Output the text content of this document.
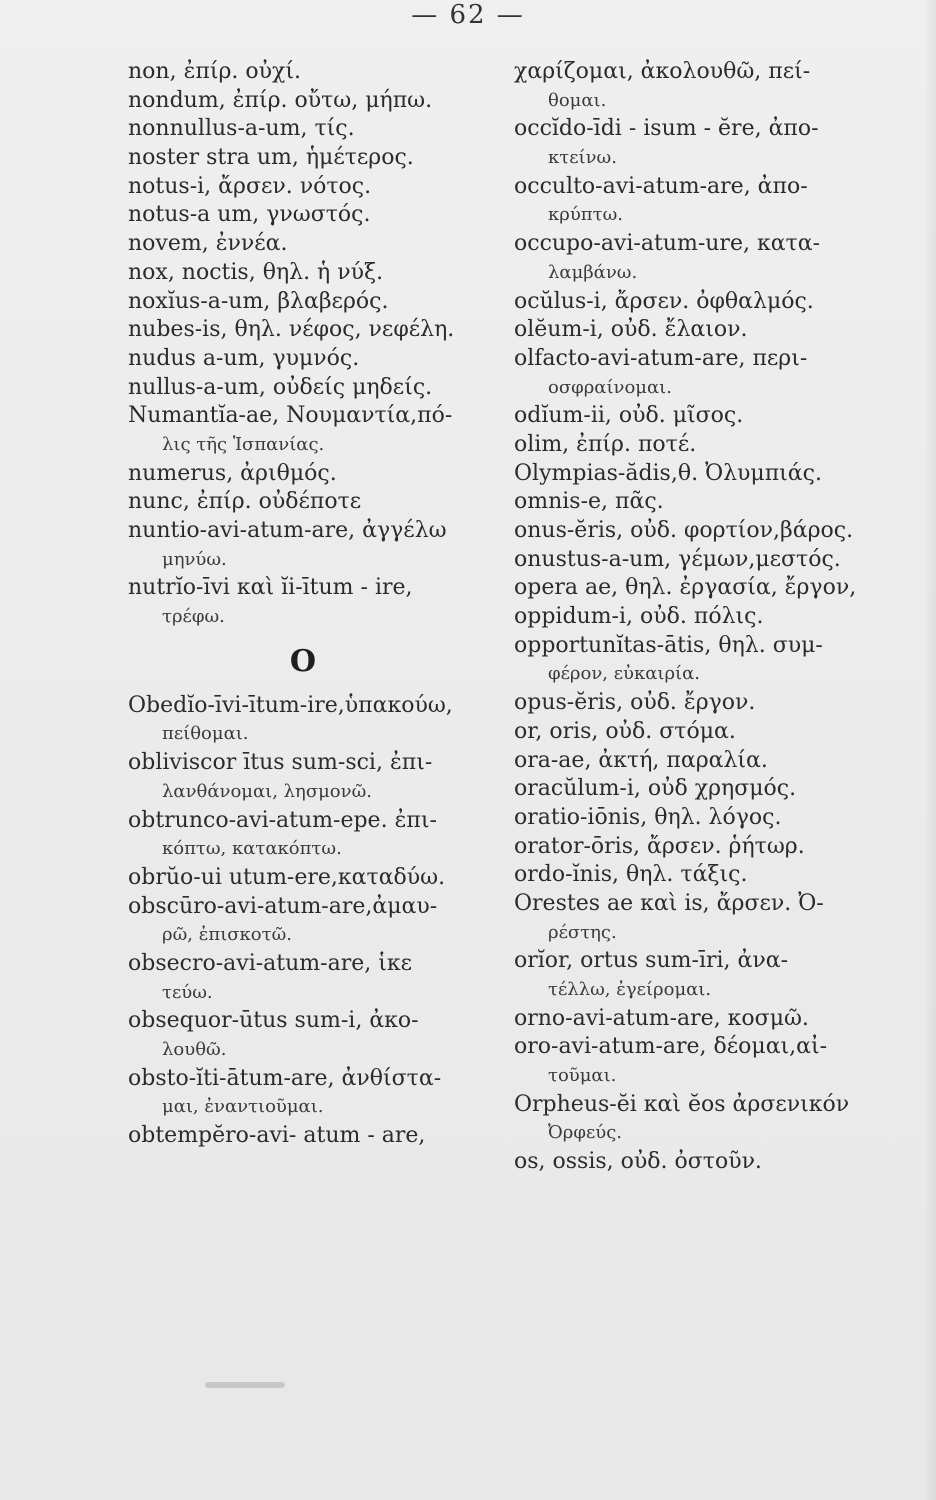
— 62 —
non, ἐπίρ. οὐχί.
nondum, ἐπίρ. οὔτω, μήπω.
nonnullus-a-um, τίς.
noster stra um, ἡμέτερος.
notus-i, ἄρσεν. νότος.
notus-a um, γνωστός.
novem, ἐννέα.
nox, noctis, θηλ. ἡ νύξ.
noxĭus-a-um, βλαβερός.
nubes-is, θηλ. νέφος, νεφέλη.
nudus a-um, γυμνός.
nullus-a-um, οὐδείς μηδείς.
Numantĭa-ae, Νουμαντία,πό-
λις τῆς Ἱσπανίας.
numerus, ἀριθμός.
nunc, ἐπίρ. οὐδέποτε
nuntio-avi-atum-are, ἀγγέλω
μηνύω.
nutrĭo-īvi καὶ ĭi-ītum - ire,
τρέφω.
O
Obedĭo-īvi-ītum-ire,ὑπακούω,
πείθομαι.
obliviscor ītus sum-sci, ἐπι-
λανθάνομαι, λησμονῶ.
obtrunco-avi-atum-epe. ἐπι-
κόπτω, κατακόπτω.
obrŭo-ui utum-ere,καταδύω.
obscūro-avi-atum-are,ἀμαυ-
ρῶ, ἐπισκοτῶ.
obsecro-avi-atum-are, ἱκε
τεύω.
obsequor-ūtus sum-i, ἀκο-
λουθῶ.
obsto-ĭti-ātum-are, ἀνθίστα-
μαι, ἐναντιοῦμαι.
obtempĕro-avi- atum - are,
χαρίζομαι, ἀκολουθῶ, πεί-
θομαι.
occĭdo-īdi - isum - ĕre, ἀπο-
κτείνω.
occulto-avi-atum-are, ἀπο-
κρύπτω.
occupo-avi-atum-ure, κατα-
λαμβάνω.
ocŭlus-i, ἄρσεν. ὀφθαλμός.
olĕum-i, οὐδ. ἔλαιον.
olfacto-avi-atum-are, περι-
οσφραίνομαι.
odĭum-ii, οὐδ. μῖσος.
olim, ἐπίρ. ποτέ.
Olympias-ădis,θ. Ὀλυμπιάς.
omnis-e, πᾶς.
onus-ĕris, οὐδ. φορτίον,βάρος.
onustus-a-um, γέμων,μεστός.
opera ae, θηλ. ἐργασία, ἔργον,
oppidum-i, οὐδ. πόλις.
opportunĭtas-ātis, θηλ. συμ-
φέρον, εὐκαιρία.
opus-ĕris, οὐδ. ἔργον.
or, oris, οὐδ. στόμα.
ora-ae, ἀκτή, παραλία.
oracŭlum-i, οὐδ χρησμός.
oratio-iōnis, θηλ. λόγος.
orator-ōris, ἄρσεν. ῥήτωρ.
ordo-ĭnis, θηλ. τάξις.
Orestes ae καὶ is, ἄρσεν. Ὀ-
ρέστης.
orĭor, ortus sum-īri, ἀνα-
τέλλω, ἐγείρομαι.
orno-avi-atum-are, κοσμῶ.
oro-avi-atum-are, δέομαι,αἰ-
τοῦμαι.
Orpheus-ĕi καὶ ĕos ἀρσενικόν
Ὀρφεύς.
os, ossis, οὐδ. ὀστοῦν.
